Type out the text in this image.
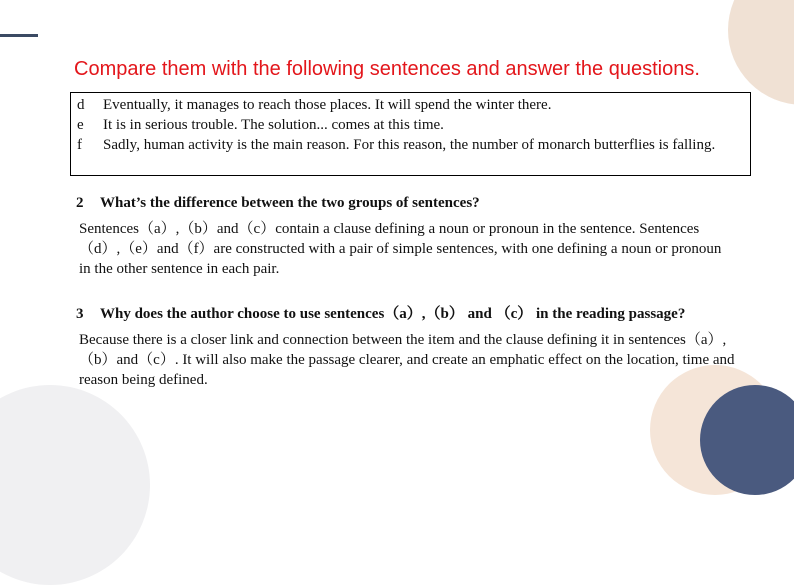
Compare them with the following sentences and answer the questions.
d	Eventually, it manages to reach those places. It will spend the winter there.
e	It is in serious trouble. The solution... comes at this time.
f	Sadly, human activity is the main reason. For this reason, the number of monarch butterflies is falling.

2 What’s the difference between the two groups of sentences?

Sentences（a）,（b）and（c）contain a clause defining a noun or pronoun in the sentence. Sentences（d）,（e）and（f）are constructed with a pair of simple sentences, with one defining a noun or pronoun in the other sentence in each pair.

3 Why does the author choose to use sentences（a）,（b） and （c） in the reading passage?

Because there is a closer link and connection between the item and the clause defining it in sentences（a）,（b）and（c）. It will also make the passage clearer, and create an emphatic effect on the location, time and reason being defined.
